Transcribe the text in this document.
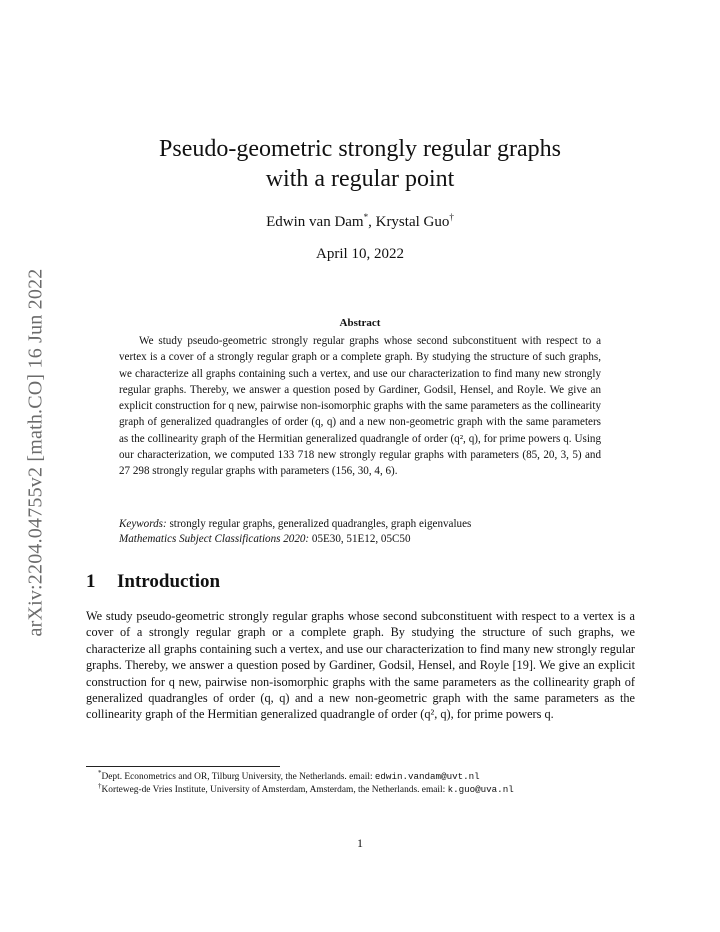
arXiv:2204.04755v2 [math.CO] 16 Jun 2022
Pseudo-geometric strongly regular graphs
with a regular point
Edwin van Dam*, Krystal Guo†
April 10, 2022
Abstract

We study pseudo-geometric strongly regular graphs whose second subconstituent with respect to a vertex is a cover of a strongly regular graph or a complete graph. By studying the structure of such graphs, we characterize all graphs containing such a vertex, and use our characterization to find many new strongly regular graphs. Thereby, we answer a question posed by Gardiner, Godsil, Hensel, and Royle. We give an explicit construction for q new, pairwise non-isomorphic graphs with the same parameters as the collinearity graph of generalized quadrangles of order (q, q) and a new non-geometric graph with the same parameters as the collinearity graph of the Hermitian generalized quadrangle of order (q², q), for prime powers q. Using our characterization, we computed 133 718 new strongly regular graphs with parameters (85, 20, 3, 5) and 27 298 strongly regular graphs with parameters (156, 30, 4, 6).

Keywords: strongly regular graphs, generalized quadrangles, graph eigenvalues
Mathematics Subject Classifications 2020: 05E30, 51E12, 05C50
1 Introduction

We study pseudo-geometric strongly regular graphs whose second subconstituent with respect to a vertex is a cover of a strongly regular graph or a complete graph. By studying the structure of such graphs, we characterize all graphs containing such a vertex, and use our characterization to find many new strongly regular graphs. Thereby, we answer a question posed by Gardiner, Godsil, Hensel, and Royle [19]. We give an explicit construction for q new, pairwise non-isomorphic graphs with the same parameters as the collinearity graph of generalized quadrangles of order (q, q) and a new non-geometric graph with the same parameters as the collinearity graph of the Hermitian generalized quadrangle of order (q², q), for prime powers q.

*Dept. Econometrics and OR, Tilburg University, the Netherlands. email: edwin.vandam@uvt.nl

†Korteweg-de Vries Institute, University of Amsterdam, Amsterdam, the Netherlands. email: k.guo@uva.nl

1
